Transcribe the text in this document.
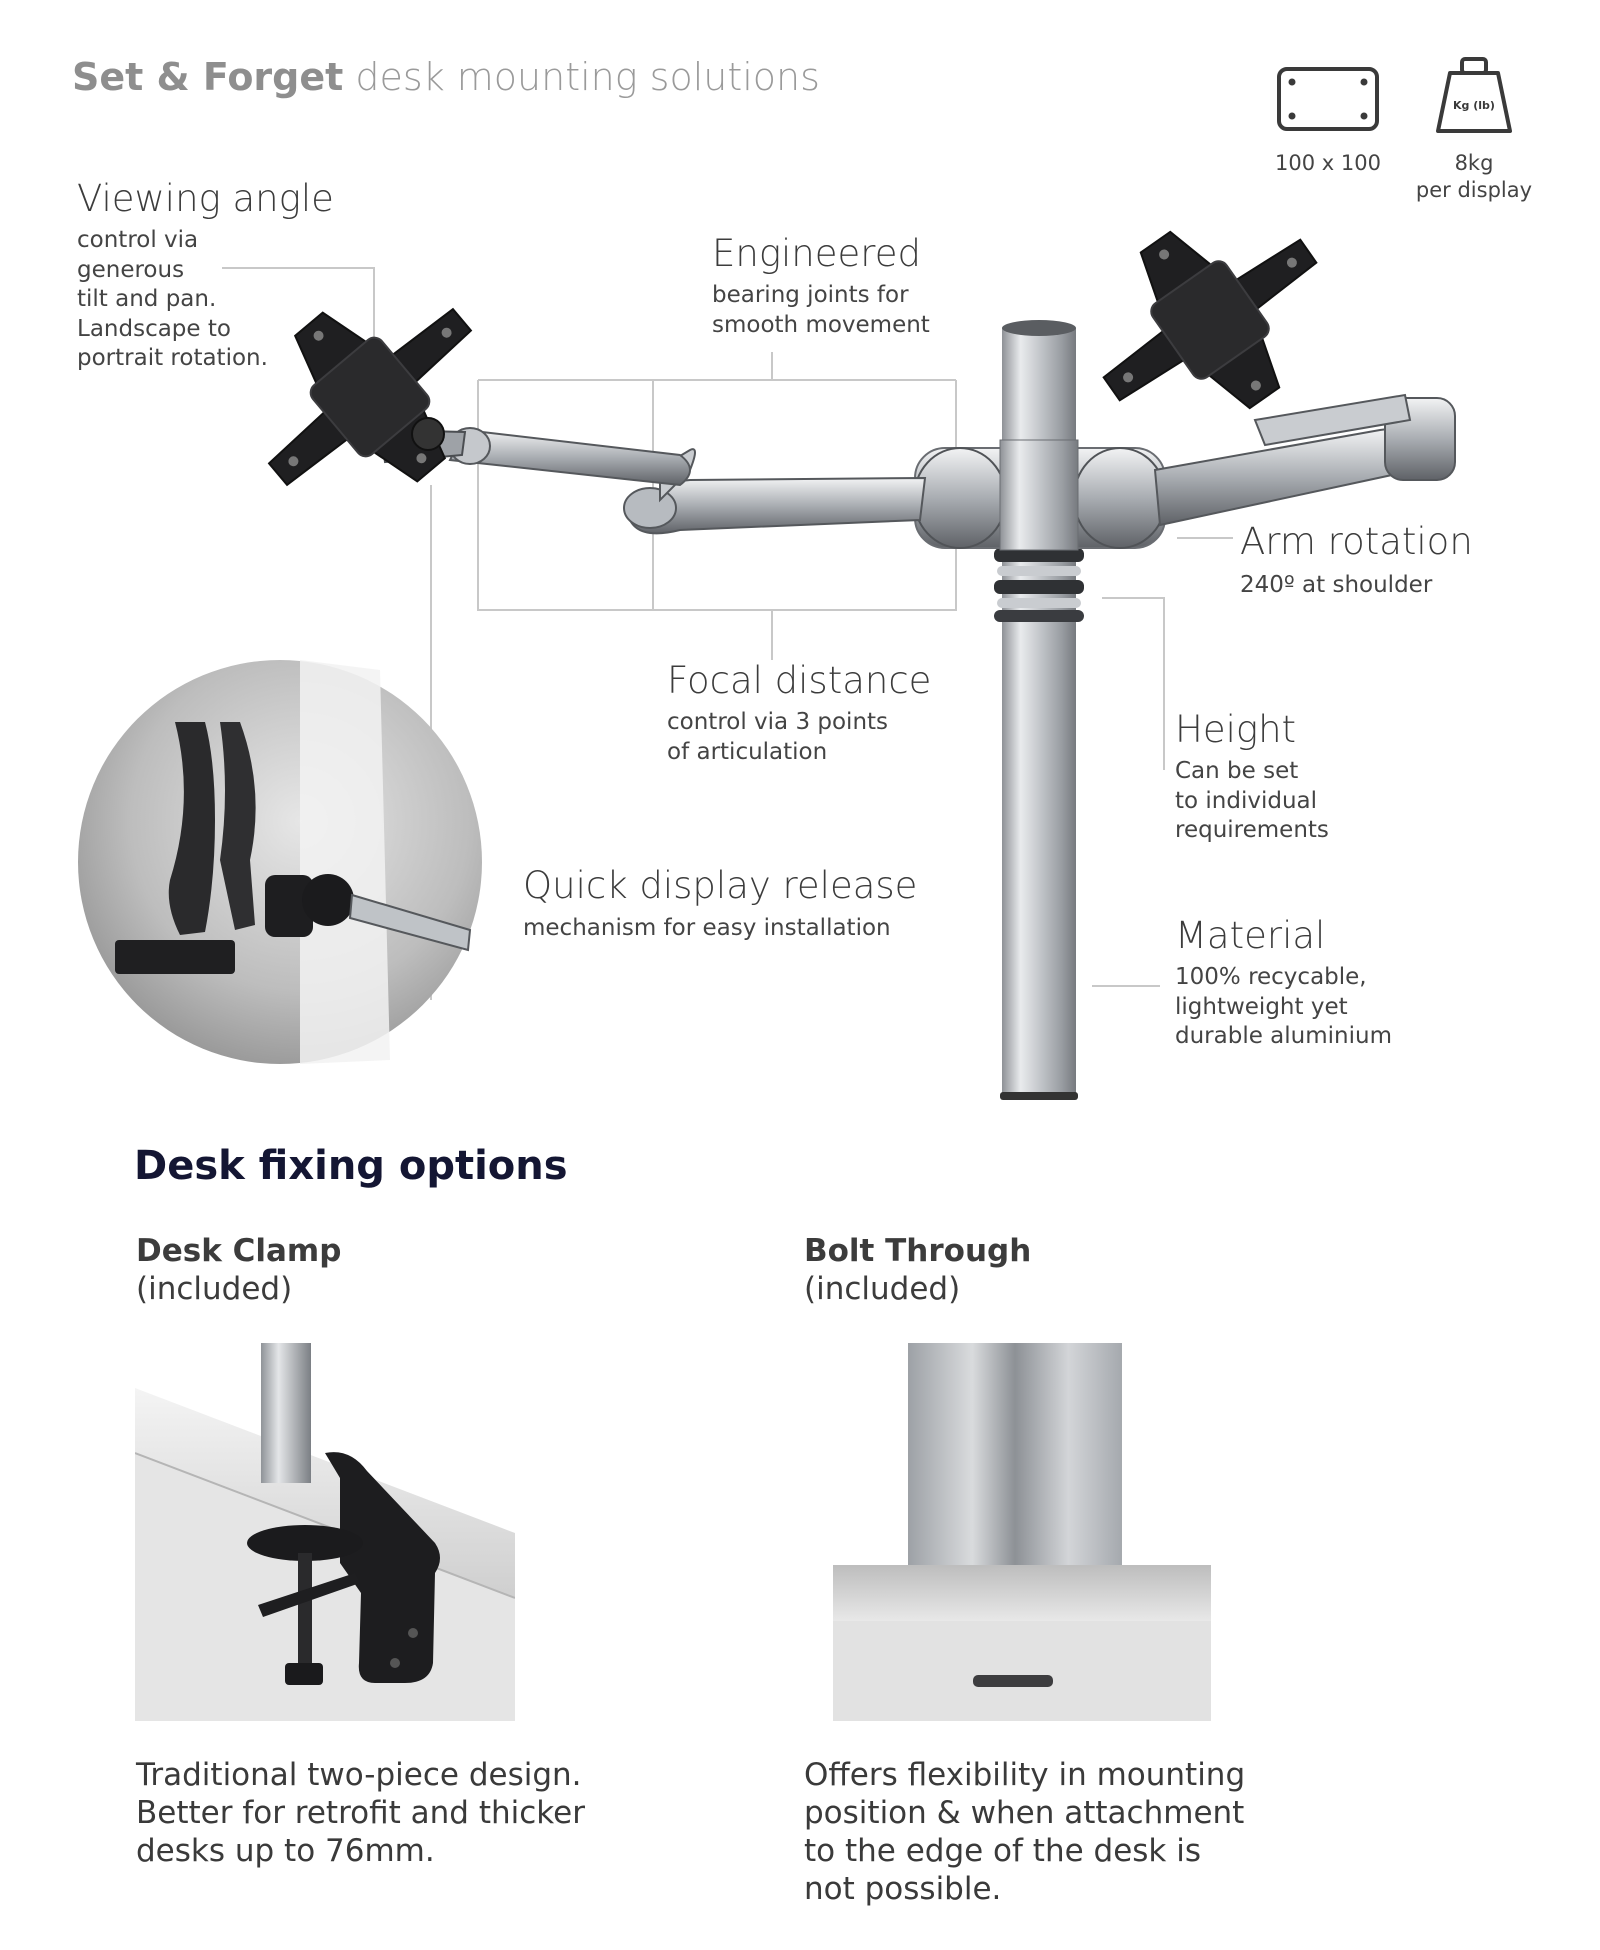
Set & Forget desk mounting solutions
100 x 100
Kg (lb)
8kg
per display
Viewing angle
control via
generous
tilt and pan.
Landscape to
portrait rotation.
Engineered
bearing joints for
smooth movement
Arm rotation
240º at shoulder
Focal distance
control via 3 points
of articulation
Height
Can be set
to individual
requirements
Quick display release
mechanism for easy installation	Material
100% recycable,
lightweight yet
durable aluminium
Desk fixing options
Desk Clamp
(included)
Bolt Through
(included)
Traditional two-piece design.
Better for retrofit and thicker
desks up to 76mm.
Offers flexibility in mounting
position & when attachment
to the edge of the desk is
not possible.
